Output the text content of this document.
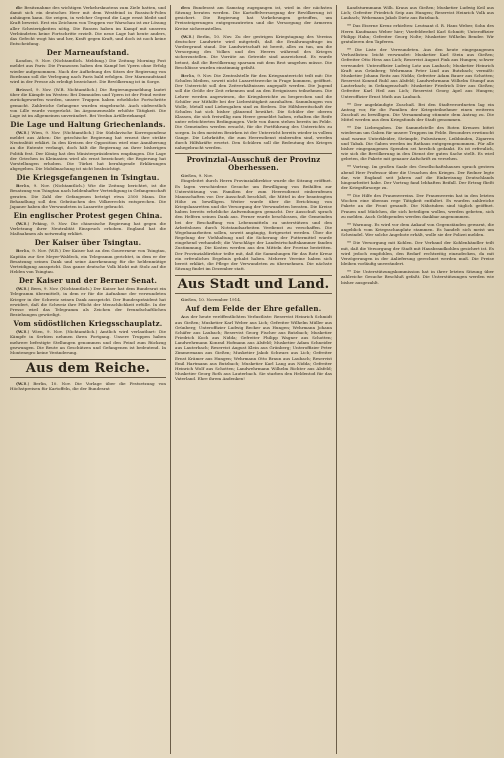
die Besitznahme des wichtigen Verkehrsknotens zum Ziele hatten, und damit sich ein deutsches Heer mit dem Westfeind in Russisch-Polen anhängen kann. Sie zeigen, in welcher Gegend die Lage ernst bleibt und Kraft beweist. Erst ein Zeichnen von Truppen vor Warschau ist zur Lösung aller Schwierigkeiten nötig. Die Russen haben im Kampf mit unseren Verbündeten keine Fortschritte erzielt. Die neue Lage hat heute anders, das Gefecht wogt hin und her, Kraft gegen Kraft, und doch ist noch keine Entscheidung.

Der Marneaufstand.

London, 9. Nov. (Nichtamtlich. Meldung.) Die Zeitung Morning Post meldet aus Paris: Die Franzosen haben den Kampf bei Ypern ohne Erfolg wieder aufgenommen. Nach der Aufhebung des Sitzes der Regierung von Bordeaux soll die Verlegung nach Paris bald erfolgen. Der Marneaufstand wird in der Presse als erledigt bezeichnet. Die Bevölkerung ist in Sorge.

Brüssel, 9. Nov. (W.B. Nichtamtlich.) Die Regierungsmeldung lautet über die Kämpfe im Westen: Bei Dixmuiden und Ypern ist der Feind weiter zurückgeworfen worden, unsere Truppen haben erhebliche Fortschritte gemacht. Zahlreiche Gefangene wurden eingebracht. Auch südwestlich von Lille wurde vorgerückt. Im Argonnenwalde erhöhte Tätigkeit. Die Lage ist im allgemeinen unverändert. Bei Verdun Artilleriekampf.

Die Lage und Haltung Griechenlands.

(W.B.) Wien, 9. Nov. (Nichtamtlich.) Die Südslavische Korrespondenz meldet aus Athen: Die griechische Regierung hat erneut ihre strikte Neutralität erklärt. In den Kreisen der Opposition wird eine Annäherung an die Entente verlangt, doch hält die Regierung an ihrer bisherigen Politik fest. Der König hat den Ministerpräsidenten empfangen. Die Lage der Griechen in Kleinasien wird als ernst bezeichnet; die Regierung hat Vorstellungen erhoben. Die Türkei hat beruhigende Erklärungen abgegeben. Die Mobilmachung ist nicht beabsichtigt.

Die Kriegsgefangenen in Tsingtau.

Berlin, 9. Nov. (Nichtamtlich.) Wie die Zeitung berichtet, ist die Besatzung von Tsingtau nach heldenhafter Verteidigung in Gefangenschaft geraten. Die Zahl der Gefangenen beträgt etwa 2500 Mann. Die Behandlung soll den Gebräuchen des Völkerrechts entsprechen. Die Japaner haben die Verwundeten in Lazarette gebracht.

Ein englischer Protest gegen China.

(W.B.) Peking, 9. Nov. Die chinesische Regierung hat gegen die Verletzung ihrer Neutralität Einspruch erhoben. England hat die Maßnahmen als notwendig erklärt.

Der Kaiser über Tsingtau.

Berlin, 9. Nov. (W.B.) Der Kaiser hat an den Gouverneur von Tsingtau, Kapitän zur See Meyer-Waldeck, ein Telegramm gerichtet, in dem er der Besatzung seinen Dank und seine Anerkennung für die heldenmütige Verteidigung ausspricht. Das ganze deutsche Volk blickt mit Stolz auf die Helden von Tsingtau.

Der Kaiser und der Berner Senat.

(W.B.) Bern, 9. Nov. (Nichtamtlich.) Der Kaiser hat dem Bundesrat ein Telegramm übermittelt, in dem er für die Aufnahme der verwundeten Krieger in der Schweiz seinen Dank ausspricht. Der Bundespräsident hat erwidert, daß die Schweiz ihre Pflicht der Menschlichkeit erfülle. In der Presse wird das Telegramm als Zeichen der freundschaftlichen Beziehungen gewürdigt.

Vom südöstlichen Kriegsschauplatz.

(W.B.) Wien, 9. Nov. (Nichtamtlich.) Amtlich wird verlautbart: Die Kämpfe in Serbien nehmen ihren Fortgang. Unsere Truppen haben mehrere befestigte Stellungen genommen und den Feind zum Rückzug gezwungen. Die Beute an Geschützen und Gefangenen ist bedeutend. In Montenegro keine Veränderung.

Aus dem Reiche.

(W.B.) Berlin, 10. Nov. Die Vorlage über die Festsetzung von Höchstpreisen für Kartoffeln, die der Bundesrat

dem Bundesrat am Samstag zugegangen ist, wird in der nächsten Sitzung beraten werden. Die Kartoffelversorgung der Bevölkerung ist gesichert. Die Regierung hat Vorkehrungen getroffen, um Preissteigerungen entgegenzutreten und die Versorgung der ärmeren Kreise sicherzustellen.

(W.B.) Berlin, 10. Nov. Zu der gestrigen Kriegstagung des Vereins deutscher Landwirte wird mitgeteilt, daß die Ernährungsfrage im Vordergrund stand. Die Landwirtschaft ist bereit, alles zu tun, um die Versorgung des Volkes und des Heeres während des Krieges sicherzustellen. Die Vorräte an Getreide sind ausreichend. Es wurde betont, daß die Bevölkerung sparsam mit dem Brot umgehen müsse. Die Beschlüsse wurden einstimmig gefaßt.

Berlin, 9. Nov. Die Zentralstelle für den Kriegsunterricht teilt mit: Die Schulen bleiben, soweit nicht Lazarettzwecke in Frage kommen, geöffnet. Der Unterricht soll den Zeitverhältnissen angepaßt werden. Die Jugend soll die Größe der Zeit erkennen und an den Ereignissen teilnehmen. Die Lehrer werden angewiesen, die Kriegsberichte zu besprechen und die Schüler zur Mithilfe bei der Liebestätigkeit anzuhalten. Sammlungen von Wolle, Metall und Liebesgaben sind zu fördern. Die Hilfsbereitschaft der Schulen hat sich bisher glänzend bewährt. Die Schüler der oberen Klassen, die sich freiwillig zum Heere gemeldet haben, erhalten die Reife unter erleichterten Bedingungen. Viele von ihnen stehen bereits im Felde. Die Gemeinden werden ersucht, für die Fortführung des Unterrichts zu sorgen. In den meisten Bezirken ist der Unterricht bereits wieder in vollem Gange. Die Lehrkräfte, die zum Heeresdienst einberufen sind, werden durch Hilfskräfte ersetzt. Den Schülern soll die Bedeutung des Krieges nahegebracht werden.

Provinzial-Ausschuß der Provinz Oberhessen.

Gießen, 9. Nov.

Eingeleitet durch Herrn Provinzialdirektor wurde die Sitzung eröffnet. Es lagen verschiedene Gesuche um Bewilligung von Beihilfen zur Unterstützung von Familien der zum Heeresdienst einberufenen Mannschaften vor. Der Ausschuß beschloß, die Mittel in der beantragten Höhe zu bewilligen. Weiter wurde über die Errichtung von Kriegslazaretten und die Versorgung der Verwundeten beraten. Die Kreise haben bereits erhebliche Aufwendungen gemacht. Der Ausschuß sprach den Helfern seinen Dank aus. Ferner wurde beschlossen, die Gemeinden bei der Beschaffung von Lebensmitteln zu unterstützen und den Arbeitslosen durch Notstandsarbeiten Verdienst zu verschaffen. Die Wegebauarbeiten sollen, soweit angängig, fortgesetzt werden. Über die Regelung der Viehhaltung und die Sicherung der Futtermittel wurde eingehend verhandelt; die Vorschläge der Landwirtschaftskammer fanden Zustimmung. Die Kosten werden aus den Mitteln der Provinz bestritten. Der Provinzialdirektor teilte mit, daß die Sammlungen für das Rote Kreuz ein erfreuliches Ergebnis gehabt haben. Mehrere Vereine haben sich bereit erklärt, die Pflege der Verwundeten zu übernehmen. Die nächste Sitzung findet im Dezember statt.

Aus Stadt und Land.

Gießen, 10. November 1914.

Auf dem Felde der Ehre gefallen.

Aus der heute veröffentlichten Verlustliste: Reservist Heinrich Schmidt aus Gießen; Musketier Karl Weber aus Lich; Gefreiter Wilhelm Müller aus Grünberg; Unteroffizier Ludwig Becker aus Hungen; Wehrmann Johann Schäfer aus Laubach; Reservist Georg Fischer aus Butzbach; Musketier Friedrich Koch aus Nidda; Gefreiter Philipp Wagner aus Schotten; Landwehrmann Konrad Hofmann aus Alsfeld; Musketier Adam Schneider aus Lauterbach; Reservist August Klein aus Grünberg; Unteroffizier Peter Zimmermann aus Gießen; Musketier Jakob Schwarz aus Lich; Gefreiter Ernst Krämer aus Hungen; Wehrmann Otto Braun aus Laubach; Reservist Emil Hartmann aus Butzbach; Musketier Karl Lang aus Nidda; Gefreiter Heinrich Wolf aus Schotten; Landwehrmann Wilhelm Richter aus Alsfeld; Musketier Georg Roth aus Lauterbach. Sie starben den Heldentod für das Vaterland. Ehre ihrem Andenken!

Landsturmmann Wilh. Kraus aus Gießen; Musketier Ludwig Keil aus Lich; Gefreiter Friedrich Seip aus Hungen; Reservist Heinrich Volk aus Laubach; Wehrmann Jakob Dietz aus Butzbach.

** Das Eiserne Kreuz erhielten: Leutnant d. R. Hans Weber, Sohn des Herrn Kaufmann Weber hier; Vizefeldwebel Karl Schmitt; Unteroffizier Philipp Hahn; Gefreiter Georg Nolte; Musketier Wilhelm Bender. Wir gratulieren den Tapferen.

** Die Liste der Verwundeten. Aus den heute eingegangenen Verlustlisten: leicht verwundet: Musketier Karl Stein aus Gießen; Gefreiter Otto Hess aus Lich; Reservist August Fink aus Hungen; schwer verwundet: Unteroffizier Ludwig Lotz aus Laubach; Musketier Heinrich Kraft aus Grünberg; Wehrmann Peter Lind aus Butzbach; vermißt: Musketier Johann Reitz aus Nidda; Gefreiter Adam Bauer aus Schotten; Reservist Konrad Ruhl aus Alsfeld; Landwehrmann Wilhelm Stumpf aus Lauterbach; in Gefangenschaft: Musketier Friedrich Dörr aus Gießen; Gefreiter Karl Heil aus Lich; Reservist Georg Apel aus Hungen; Unteroffizier Ernst Muth aus Laubach.

** Der angekündigte Zuschuß. Bei den Stadtverordneten lag ein Antrag vor, für die Familien der Kriegsteilnehmer einen weiteren Zuschuß zu bewilligen. Die Versammlung stimmte dem Antrag zu. Die Mittel werden aus dem Kriegsfonds der Stadt genommen.

** Die Liebesgaben. Die Sammelstelle des Roten Kreuzes bittet wiederum um Gaben für unsere Truppen im Felde. Besonders erwünscht sind warme Unterkleider, Strümpfe, Pulswärmer, Leibbinden, Zigarren und Tabak. Die Gaben werden im Rathaus entgegengenommen. Für alle bisher eingegangenen Spenden sei herzlich gedankt. Es ist erfreulich, wie sich die Bevölkerung in den Dienst der guten Sache stellt. Es wird gebeten, die Pakete mit genauer Aufschrift zu versehen.

** Vortrag. Im großen Saale des Gesellschaftshauses sprach gestern abend Herr Professor über die Ursachen des Krieges. Der Redner legte dar, wie England seit Jahren auf die Einkreisung Deutschlands hingearbeitet habe. Der Vortrag fand lebhaften Beifall. Der Ertrag fließt der Kriegsfürsorge zu.

** Die Hilfe des Frauenvereins. Der Frauenverein hat in den letzten Wochen eine überaus rege Tätigkeit entfaltet. Es wurden zahlreiche Pakete an die Front gesandt. Die Nähstuben sind täglich geöffnet. Frauen und Mädchen, die sich beteiligen wollen, werden gebeten, sich zu melden. Auch Geldspenden werden dankbar angenommen.

** Warnung. Es wird vor dem Ankauf von Gegenständen gewarnt, die angeblich vom Kriegsschauplatz stammen. Es handelt sich meist um Schwindel. Wer solche Angebote erhält, wolle sie der Polizei melden.

** Die Versorgung mit Kohlen. Der Verband der Kohlenhändler teilt mit, daß die Versorgung der Stadt mit Hausbrandkohlen gesichert ist. Es wird jedoch empfohlen, den Bedarf rechtzeitig einzudecken, da mit Verzögerungen in der Anlieferung gerechnet werden muß. Die Preise bleiben vorläufig unverändert.

** Die Unterstützungskommission hat in ihrer letzten Sitzung über zahlreiche Gesuche Beschluß gefaßt. Die Unterstützungen werden wie bisher ausgezahlt.
